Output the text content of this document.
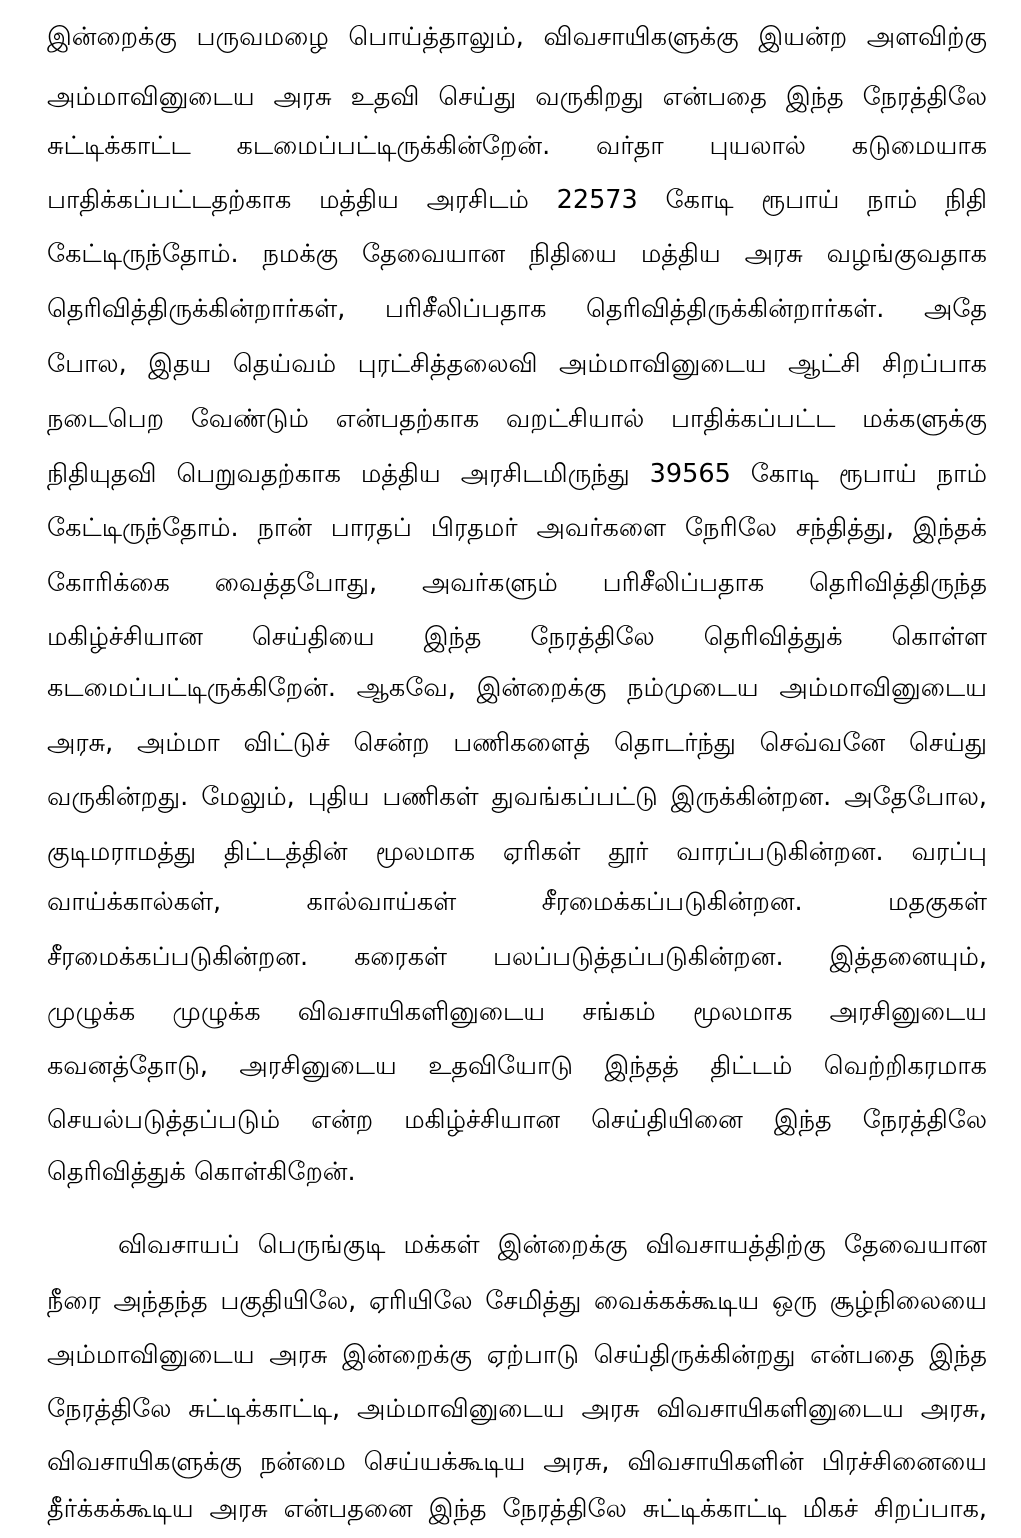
இன்றைக்கு பருவமழை பொய்த்தாலும், விவசாயிகளுக்கு இயன்ற அளவிற்கு
அம்மாவினுடைய அரசு உதவி செய்து வருகிறது என்பதை இந்த நேரத்திலே
சுட்டிக்காட்ட கடமைப்பட்டிருக்கின்றேன். வர்தா புயலால் கடுமையாக
பாதிக்கப்பட்டதற்காக மத்திய அரசிடம் 22573 கோடி ரூபாய் நாம் நிதி
கேட்டிருந்தோம். நமக்கு தேவையான நிதியை மத்திய அரசு வழங்குவதாக
தெரிவித்திருக்கின்றார்கள், பரிசீலிப்பதாக தெரிவித்திருக்கின்றார்கள். அதே
போல, இதய தெய்வம் புரட்சித்தலைவி அம்மாவினுடைய ஆட்சி சிறப்பாக
நடைபெற வேண்டும் என்பதற்காக வறட்சியால் பாதிக்கப்பட்ட மக்களுக்கு
நிதியுதவி பெறுவதற்காக மத்திய அரசிடமிருந்து 39565 கோடி ரூபாய் நாம்
கேட்டிருந்தோம். நான் பாரதப் பிரதமர் அவர்களை நேரிலே சந்தித்து, இந்தக்
கோரிக்கை வைத்தபோது, அவர்களும் பரிசீலிப்பதாக தெரிவித்திருந்த
மகிழ்ச்சியான செய்தியை இந்த நேரத்திலே தெரிவித்துக் கொள்ள
கடமைப்பட்டிருக்கிறேன். ஆகவே, இன்றைக்கு நம்முடைய அம்மாவினுடைய
அரசு, அம்மா விட்டுச் சென்ற பணிகளைத் தொடர்ந்து செவ்வனே செய்து
வருகின்றது. மேலும், புதிய பணிகள் துவங்கப்பட்டு இருக்கின்றன. அதேபோல,
குடிமராமத்து திட்டத்தின் மூலமாக ஏரிகள் தூர் வாரப்படுகின்றன. வரப்பு
வாய்க்கால்கள், கால்வாய்கள் சீரமைக்கப்படுகின்றன. மதகுகள்
சீரமைக்கப்படுகின்றன. கரைகள் பலப்படுத்தப்படுகின்றன. இத்தனையும்,
முழுக்க முழுக்க விவசாயிகளினுடைய சங்கம் மூலமாக அரசினுடைய
கவனத்தோடு, அரசினுடைய உதவியோடு இந்தத் திட்டம் வெற்றிகரமாக
செயல்படுத்தப்படும் என்ற மகிழ்ச்சியான செய்தியினை இந்த நேரத்திலே
தெரிவித்துக் கொள்கிறேன்.
விவசாயப் பெருங்குடி மக்கள் இன்றைக்கு விவசாயத்திற்கு தேவையான
நீரை அந்தந்த பகுதியிலே, ஏரியிலே சேமித்து வைக்கக்கூடிய ஒரு சூழ்நிலையை
அம்மாவினுடைய அரசு இன்றைக்கு ஏற்பாடு செய்திருக்கின்றது என்பதை இந்த
நேரத்திலே சுட்டிக்காட்டி, அம்மாவினுடைய அரசு விவசாயிகளினுடைய அரசு,
விவசாயிகளுக்கு நன்மை செய்யக்கூடிய அரசு, விவசாயிகளின் பிரச்சினையை
தீர்க்கக்கூடிய அரசு என்பதனை இந்த நேரத்திலே சுட்டிக்காட்டி மிகச் சிறப்பாக,
